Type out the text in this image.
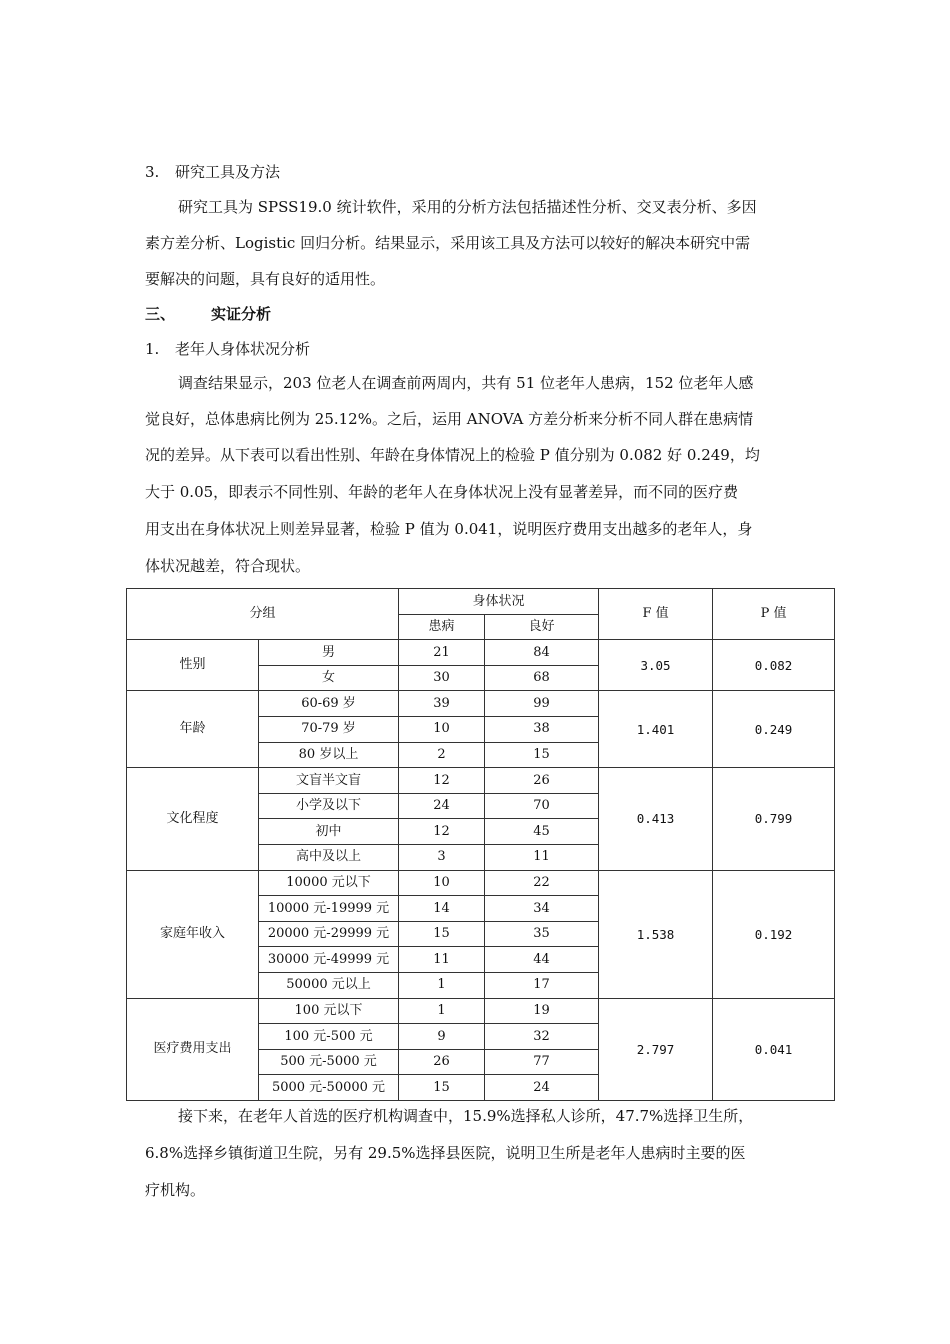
3. 研究工具及方法
研究工具为 SPSS19.0 统计软件，采用的分析方法包括描述性分析、交叉表分析、多因
素方差分析、Logistic 回归分析。结果显示，采用该工具及方法可以较好的解决本研究中需
要解决的问题，具有良好的适用性。
三、 实证分析
1. 老年人身体状况分析
调查结果显示，203 位老人在调查前两周内，共有 51 位老年人患病，152 位老年人感
觉良好，总体患病比例为 25.12%。之后，运用 ANOVA 方差分析来分析不同人群在患病情
况的差异。从下表可以看出性别、年龄在身体情况上的检验 P 值分别为 0.082 好 0.249，均
大于 0.05，即表示不同性别、年龄的老年人在身体状况上没有显著差异，而不同的医疗费
用支出在身体状况上则差异显著，检验 P 值为 0.041，说明医疗费用支出越多的老年人，身
体状况越差，符合现状。
分组		身体状况		F 值	P 值
		患病	良好		
性别	男	21	84	3.05	0.082
	女	30	68		
年龄	60-69 岁	39	99	1.401	0.249
	70-79 岁	10	38		
	80 岁以上	2	15		
文化程度	文盲半文盲	12	26	0.413	0.799
	小学及以下	24	70		
	初中	12	45		
	高中及以上	3	11		
家庭年收入	10000 元以下	10	22	1.538	0.192
	10000 元-19999 元	14	34		
	20000 元-29999 元	15	35		
	30000 元-49999 元	11	44		
	50000 元以上	1	17		
医疗费用支出	100 元以下	1	19	2.797	0.041
	100 元-500 元	9	32		
	500 元-5000 元	26	77		
	5000 元-50000 元	15	24		
接下来，在老年人首选的医疗机构调查中，15.9%选择私人诊所，47.7%选择卫生所，
6.8%选择乡镇街道卫生院，另有 29.5%选择县医院，说明卫生所是老年人患病时主要的医
疗机构。
